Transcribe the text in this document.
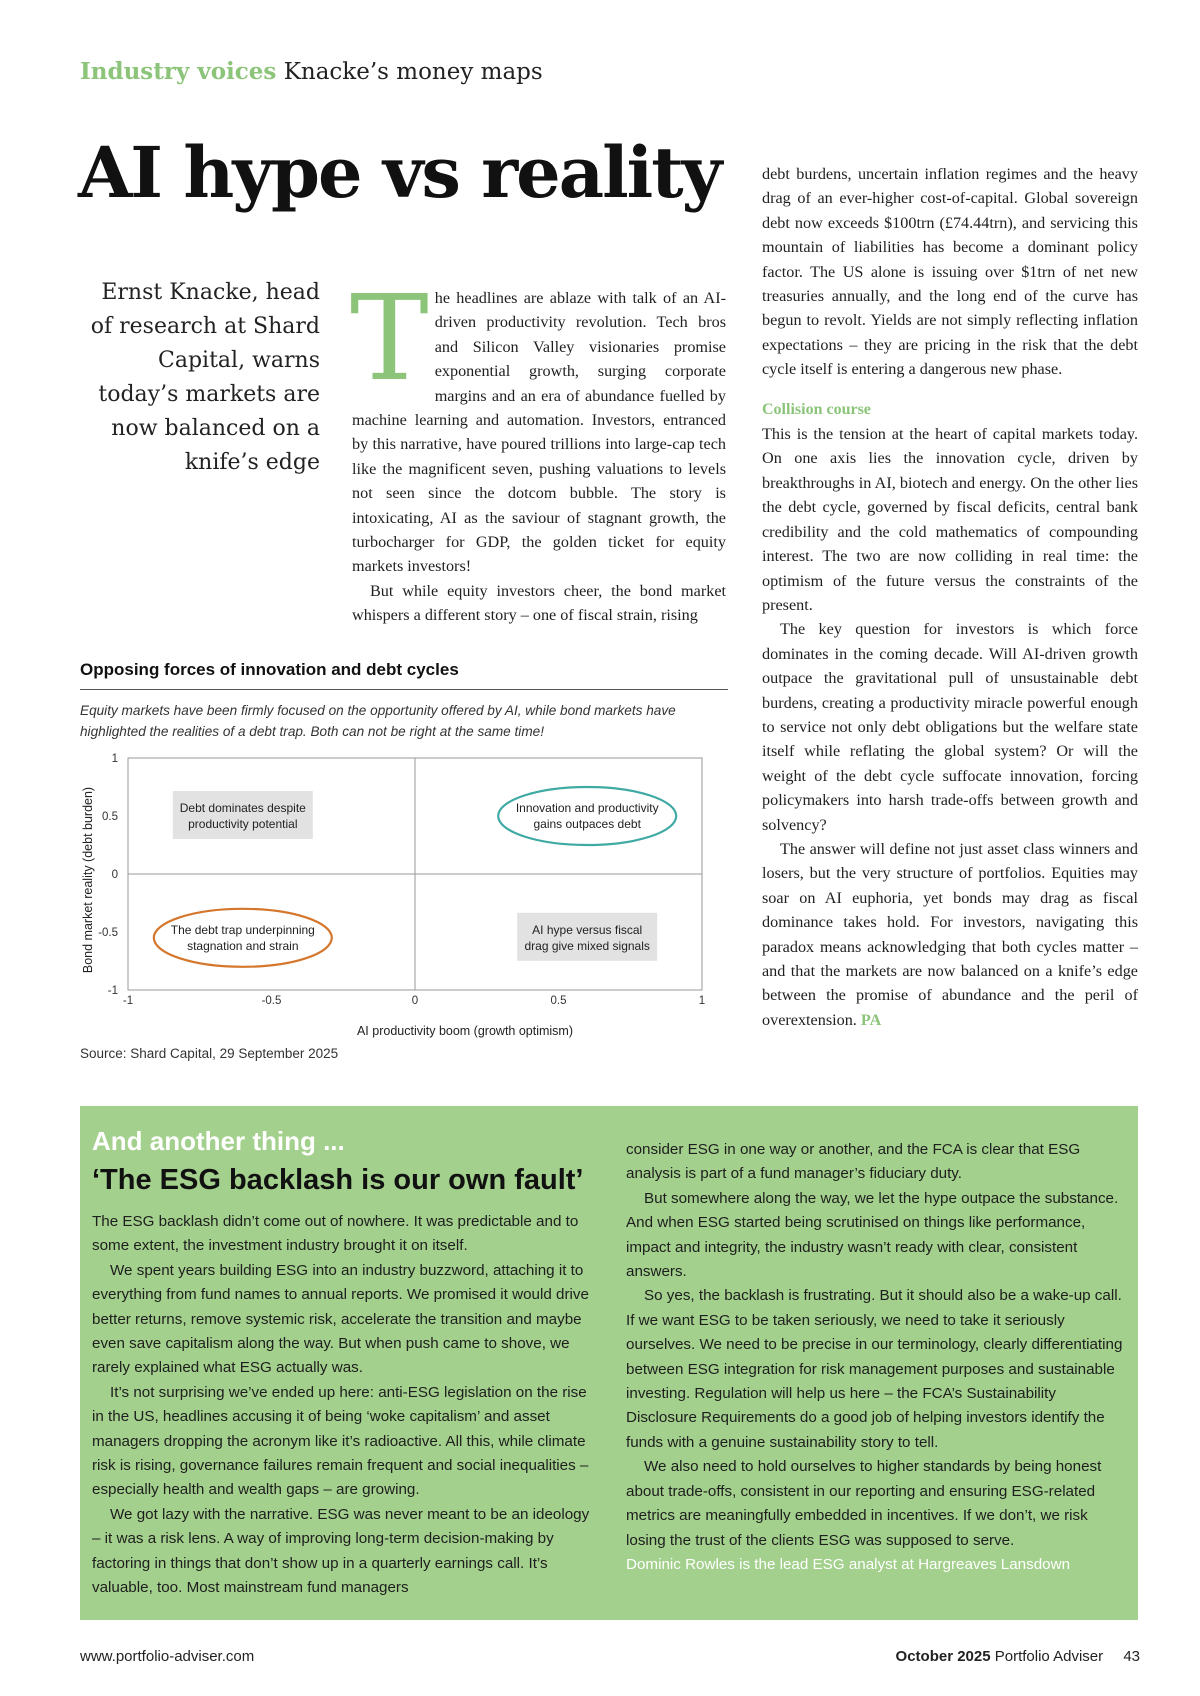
Industry voices Knacke’s money maps
AI hype vs reality
Ernst Knacke, head of research at Shard Capital, warns today’s markets are now balanced on a knife’s edge

The headlines are ablaze with talk of an AI-driven productivity revolution. Tech bros and Silicon Valley visionaries promise exponential growth, surging corporate margins and an era of abundance fuelled by machine learning and automation. Investors, entranced by this narrative, have poured trillions into large-cap tech like the magnificent seven, pushing valuations to levels not seen since the dotcom bubble. The story is intoxicating, AI as the saviour of stagnant growth, the turbocharger for GDP, the golden ticket for equity markets investors!

But while equity investors cheer, the bond market whispers a different story – one of fiscal strain, rising

debt burdens, uncertain inflation regimes and the heavy drag of an ever-higher cost-of-capital. Global sovereign debt now exceeds $100trn (£74.44trn), and servicing this mountain of liabilities has become a dominant policy factor. The US alone is issuing over $1trn of net new treasuries annually, and the long end of the curve has begun to revolt. Yields are not simply reflecting inflation expectations – they are pricing in the risk that the debt cycle itself is entering a dangerous new phase.

Collision course

This is the tension at the heart of capital markets today. On one axis lies the innovation cycle, driven by breakthroughs in AI, biotech and energy. On the other lies the debt cycle, governed by fiscal deficits, central bank credibility and the cold mathematics of compounding interest. The two are now colliding in real time: the optimism of the future versus the constraints of the present.

The key question for investors is which force dominates in the coming decade. Will AI-driven growth outpace the gravitational pull of unsustainable debt burdens, creating a productivity miracle powerful enough to service not only debt obligations but the welfare state itself while reflating the global system? Or will the weight of the debt cycle suffocate innovation, forcing policymakers into harsh trade-offs between growth and solvency?

The answer will define not just asset class winners and losers, but the very structure of portfolios. Equities may soar on AI euphoria, yet bonds may drag as fiscal dominance takes hold. For investors, navigating this paradox means acknowledging that both cycles matter – and that the markets are now balanced on a knife’s edge between the promise of abundance and the peril of overextension. PA

Opposing forces of innovation and debt cycles
Equity markets have been firmly focused on the opportunity offered by AI, while bond markets have highlighted the realities of a debt trap. Both can not be right at the same time!
Debt dominates despite
productivity potential
Innovation and productivity
gains outpaces debt
The debt trap underpinning
stagnation and strain
AI hype versus fiscal
drag give mixed signals
-1	-0.5	0	0.5	1
1
0.5
0
-0.5
-1
AI productivity boom (growth optimism)
Bond market reality (debt burden)
Source: Shard Capital, 29 September 2025
And another thing ...
‘The ESG backlash is our own fault’

The ESG backlash didn’t come out of nowhere. It was predictable and to some extent, the investment industry brought it on itself.

We spent years building ESG into an industry buzzword, attaching it to everything from fund names to annual reports. We promised it would drive better returns, remove systemic risk, accelerate the transition and maybe even save capitalism along the way. But when push came to shove, we rarely explained what ESG actually was.

It’s not surprising we’ve ended up here: anti-ESG legislation on the rise in the US, headlines accusing it of being ‘woke capitalism’ and asset managers dropping the acronym like it’s radioactive. All this, while climate risk is rising, governance failures remain frequent and social inequalities – especially health and wealth gaps – are growing.

We got lazy with the narrative. ESG was never meant to be an ideology – it was a risk lens. A way of improving long-term decision-making by factoring in things that don’t show up in a quarterly earnings call. It’s valuable, too. Most mainstream fund managers

consider ESG in one way or another, and the FCA is clear that ESG analysis is part of a fund manager’s fiduciary duty.

But somewhere along the way, we let the hype outpace the substance. And when ESG started being scrutinised on things like performance, impact and integrity, the industry wasn’t ready with clear, consistent answers.

So yes, the backlash is frustrating. But it should also be a wake-up call. If we want ESG to be taken seriously, we need to take it seriously ourselves. We need to be precise in our terminology, clearly differentiating between ESG integration for risk management purposes and sustainable investing. Regulation will help us here – the FCA’s Sustainability Disclosure Requirements do a good job of helping investors identify the funds with a genuine sustainability story to tell.

We also need to hold ourselves to higher standards by being honest about trade-offs, consistent in our reporting and ensuring ESG-related metrics are meaningfully embedded in incentives. If we don’t, we risk losing the trust of the clients ESG was supposed to serve.

Dominic Rowles is the lead ESG analyst at Hargreaves Lansdown

www.portfolio-adviser.com	October 2025 Portfolio Adviser 43
